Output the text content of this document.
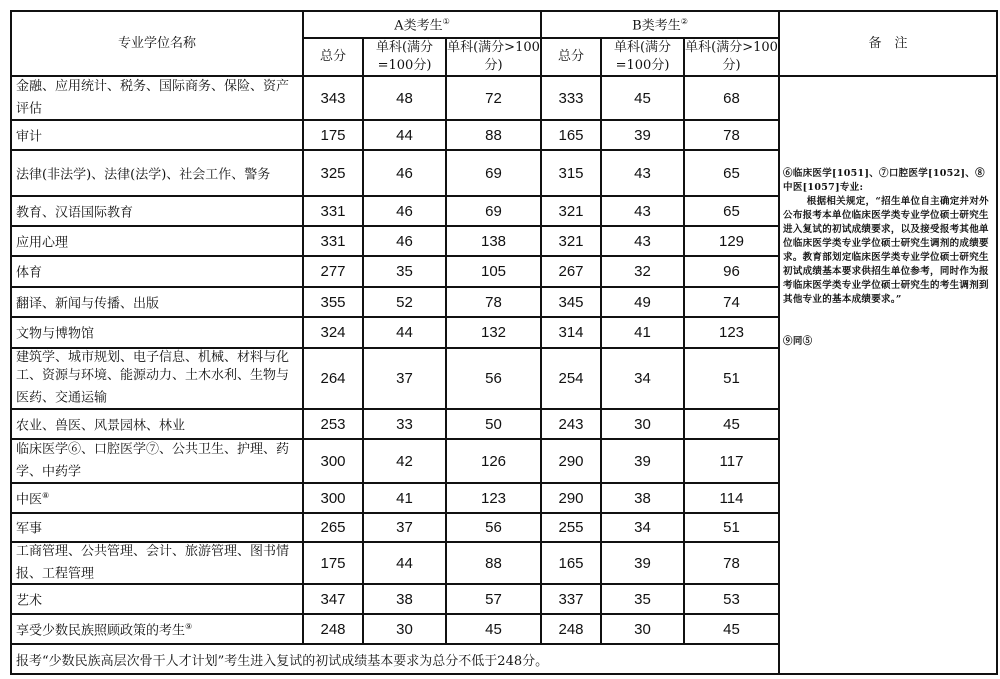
专业学位名称	A类考生①			B类考生②			备　注
	总分	单科(满分=100分)	单科(满分>100分)	总分	单科(满分=100分)	单科(满分>100分)	
金融、应用统计、税务、国际商务、保险、资产评估	343	48	72	333	45	68	⑥临床医学[1051]、⑦口腔医学[1052]、⑧中医[1057]专业:
根据相关规定，“招生单位自主确定并对外公布报考本单位临床医学类专业学位硕士研究生进入复试的初试成绩要求，以及接受报考其他单位临床医学类专业学位硕士研究生调剂的成绩要求。教育部划定临床医学类专业学位硕士研究生初试成绩基本要求供招生单位参考，同时作为报考临床医学类专业学位硕士研究生的考生调剂到其他专业的基本成绩要求。”
⑨同⑤

审计	175	44	88	165	39	78	
法律(非法学)、法律(法学)、社会工作、警务	325	46	69	315	43	65	
教育、汉语国际教育	331	46	69	321	43	65	
应用心理	331	46	138	321	43	129	
体育	277	35	105	267	32	96	
翻译、新闻与传播、出版	355	52	78	345	49	74	
文物与博物馆	324	44	132	314	41	123	
建筑学、城市规划、电子信息、机械、材料与化工、资源与环境、能源动力、土木水利、生物与医药、交通运输	264	37	56	254	34	51	
农业、兽医、风景园林、林业	253	33	50	243	30	45	
临床医学⑥、口腔医学⑦、公共卫生、护理、药学、中药学	300	42	126	290	39	117	
中医⑧	300	41	123	290	38	114	
军事	265	37	56	255	34	51	
工商管理、公共管理、会计、旅游管理、图书情报、工程管理	175	44	88	165	39	78	
艺术	347	38	57	337	35	53	
享受少数民族照顾政策的考生⑨	248	30	45	248	30	45	
报考“少数民族高层次骨干人才计划”考生进入复试的初试成绩基本要求为总分不低于248分。							
